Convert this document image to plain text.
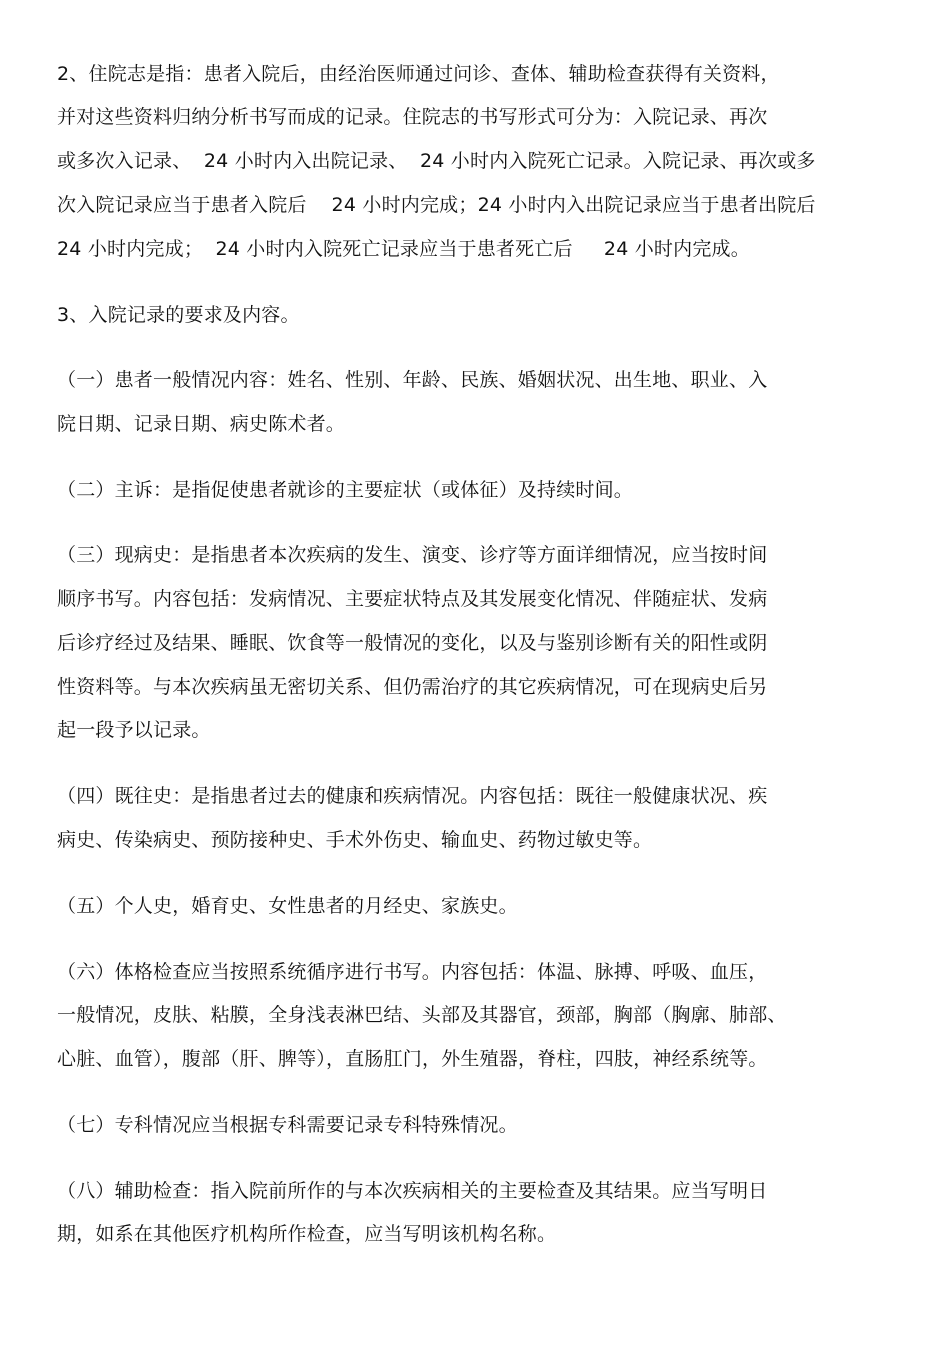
2、住院志是指：患者入院后，由经治医师通过问诊、查体、辅助检查获得有关资料，
并对这些资料归纳分析书写而成的记录。住院志的书写形式可分为：入院记录、再次
或多次入记录、  24 小时内入出院记录、  24 小时内入院死亡记录。入院记录、再次或多
次入院记录应当于患者入院后    24 小时内完成；24 小时内入出院记录应当于患者出院后
24 小时内完成；  24 小时内入院死亡记录应当于患者死亡后     24 小时内完成。
3、入院记录的要求及内容。
（一）患者一般情况内容：姓名、性别、年龄、民族、婚姻状况、出生地、职业、入
院日期、记录日期、病史陈术者。
（二）主诉：是指促使患者就诊的主要症状（或体征）及持续时间。
（三）现病史：是指患者本次疾病的发生、演变、诊疗等方面详细情况，应当按时间
顺序书写。内容包括：发病情况、主要症状特点及其发展变化情况、伴随症状、发病
后诊疗经过及结果、睡眠、饮食等一般情况的变化，以及与鉴别诊断有关的阳性或阴
性资料等。与本次疾病虽无密切关系、但仍需治疗的其它疾病情况，可在现病史后另
起一段予以记录。
（四）既往史：是指患者过去的健康和疾病情况。内容包括：既往一般健康状况、疾
病史、传染病史、预防接种史、手术外伤史、输血史、药物过敏史等。
（五）个人史，婚育史、女性患者的月经史、家族史。
（六）体格检查应当按照系统循序进行书写。内容包括：体温、脉搏、呼吸、血压，
一般情况，皮肤、粘膜，全身浅表淋巴结、头部及其器官，颈部，胸部（胸廓、肺部、
心脏、血管），腹部（肝、脾等），直肠肛门，外生殖器，脊柱，四肢，神经系统等。
（七）专科情况应当根据专科需要记录专科特殊情况。
（八）辅助检查：指入院前所作的与本次疾病相关的主要检查及其结果。应当写明日
期，如系在其他医疗机构所作检查，应当写明该机构名称。
